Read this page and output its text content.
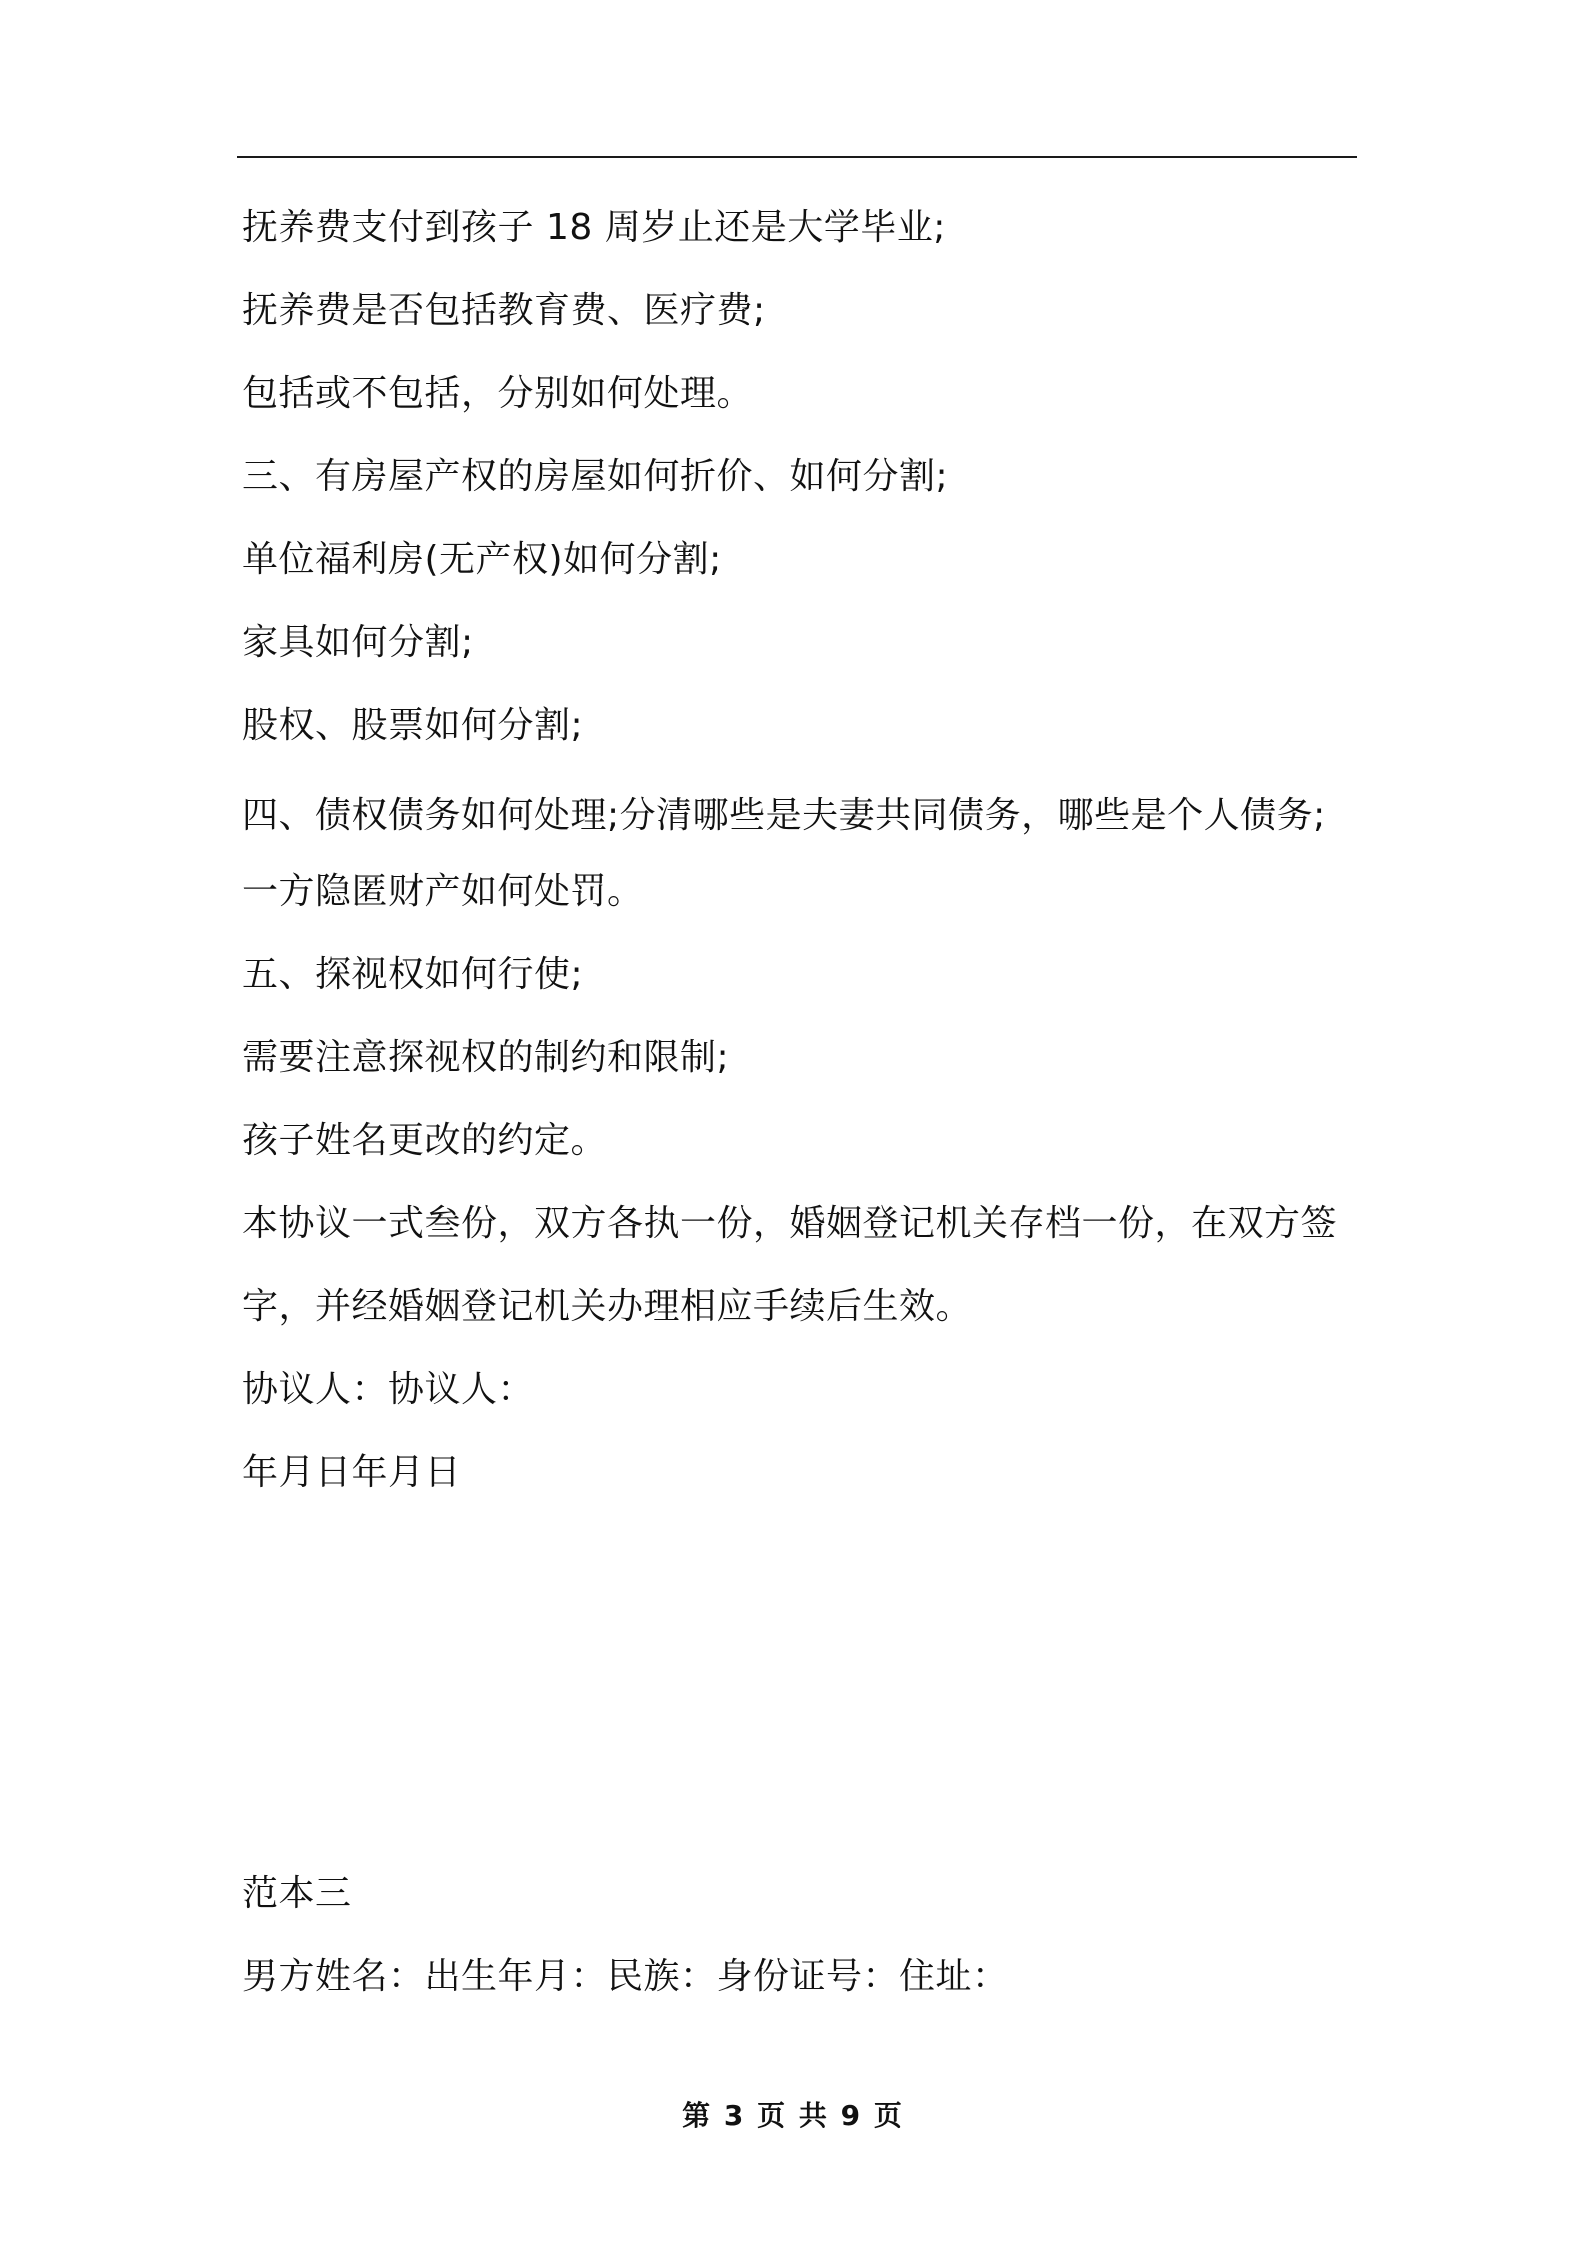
抚养费支付到孩子 18 周岁止还是大学毕业;
抚养费是否包括教育费、医疗费;
包括或不包括，分别如何处理。
三、有房屋产权的房屋如何折价、如何分割;
单位福利房(无产权)如何分割;
家具如何分割;
股权、股票如何分割;
四、债权债务如何处理;分清哪些是夫妻共同债务，哪些是个人债务;
一方隐匿财产如何处罚。
五、探视权如何行使;
需要注意探视权的制约和限制;
孩子姓名更改的约定。
本协议一式叁份，双方各执一份，婚姻登记机关存档一份，在双方签
字，并经婚姻登记机关办理相应手续后生效。
协议人：协议人：
年月日年月日
范本三
男方姓名：出生年月：民族：身份证号：住址：
第 3 页 共 9 页
